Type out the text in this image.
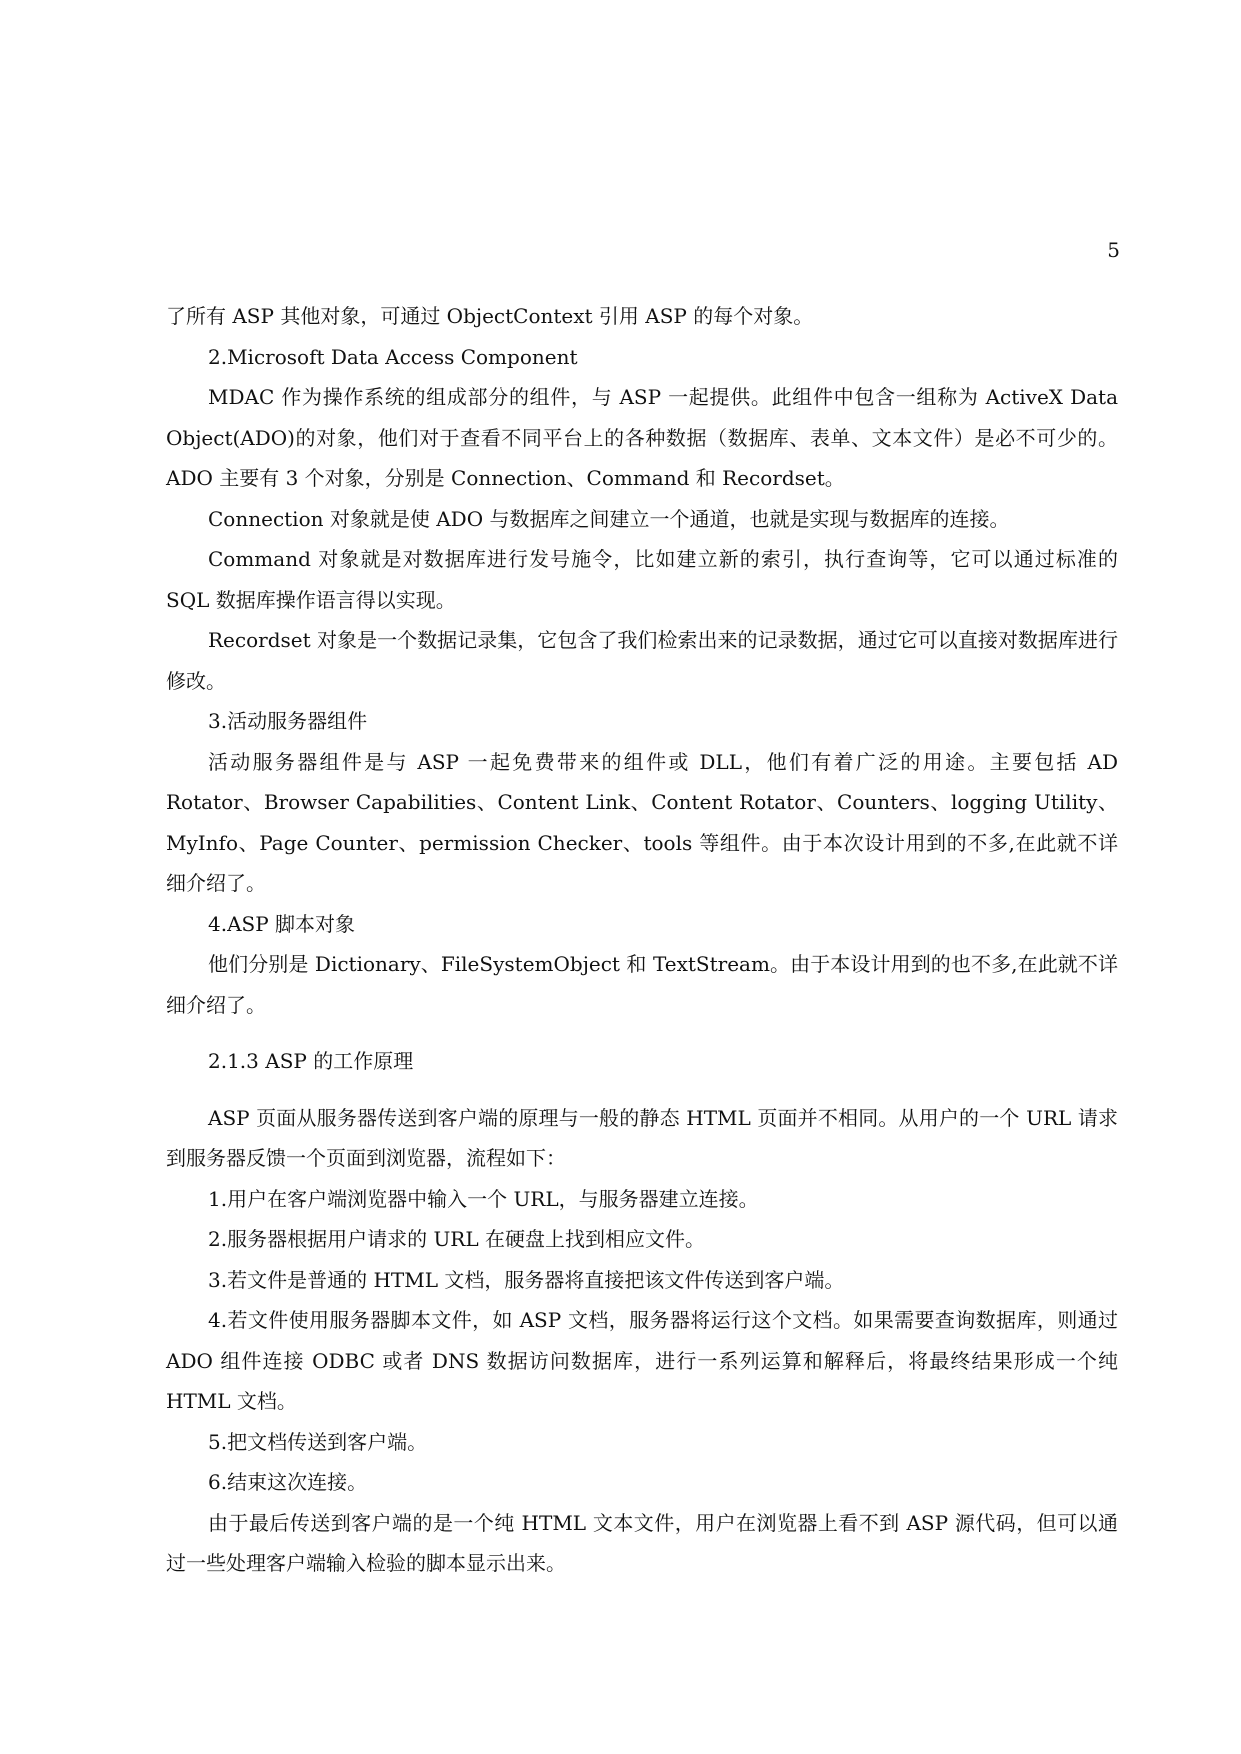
5

了所有 ASP 其他对象，可通过 ObjectContext 引用 ASP 的每个对象。

2.Microsoft Data Access Component

MDAC 作为操作系统的组成部分的组件，与 ASP 一起提供。此组件中包含一组称为 ActiveX Data Object(ADO)的对象，他们对于查看不同平台上的各种数据（数据库、表单、文本文件）是必不可少的。ADO 主要有 3 个对象，分别是 Connection、Command 和 Recordset。

Connection 对象就是使 ADO 与数据库之间建立一个通道，也就是实现与数据库的连接。

Command 对象就是对数据库进行发号施令，比如建立新的索引，执行查询等，它可以通过标准的 SQL 数据库操作语言得以实现。

Recordset 对象是一个数据记录集，它包含了我们检索出来的记录数据，通过它可以直接对数据库进行修改。

3.活动服务器组件

活动服务器组件是与 ASP 一起免费带来的组件或 DLL，他们有着广泛的用途。主要包括 AD Rotator、Browser Capabilities、Content Link、Content Rotator、Counters、logging Utility、MyInfo、Page Counter、permission Checker、tools 等组件。由于本次设计用到的不多,在此就不详细介绍了。

4.ASP 脚本对象

他们分别是 Dictionary、FileSystemObject 和 TextStream。由于本设计用到的也不多,在此就不详细介绍了。

2.1.3 ASP 的工作原理

ASP 页面从服务器传送到客户端的原理与一般的静态 HTML 页面并不相同。从用户的一个 URL 请求到服务器反馈一个页面到浏览器，流程如下：

1.用户在客户端浏览器中输入一个 URL，与服务器建立连接。

2.服务器根据用户请求的 URL 在硬盘上找到相应文件。

3.若文件是普通的 HTML 文档，服务器将直接把该文件传送到客户端。

4.若文件使用服务器脚本文件，如 ASP 文档，服务器将运行这个文档。如果需要查询数据库，则通过 ADO 组件连接 ODBC 或者 DNS 数据访问数据库，进行一系列运算和解释后，将最终结果形成一个纯 HTML 文档。

5.把文档传送到客户端。

6.结束这次连接。

由于最后传送到客户端的是一个纯 HTML 文本文件，用户在浏览器上看不到 ASP 源代码，但可以通过一些处理客户端输入检验的脚本显示出来。
